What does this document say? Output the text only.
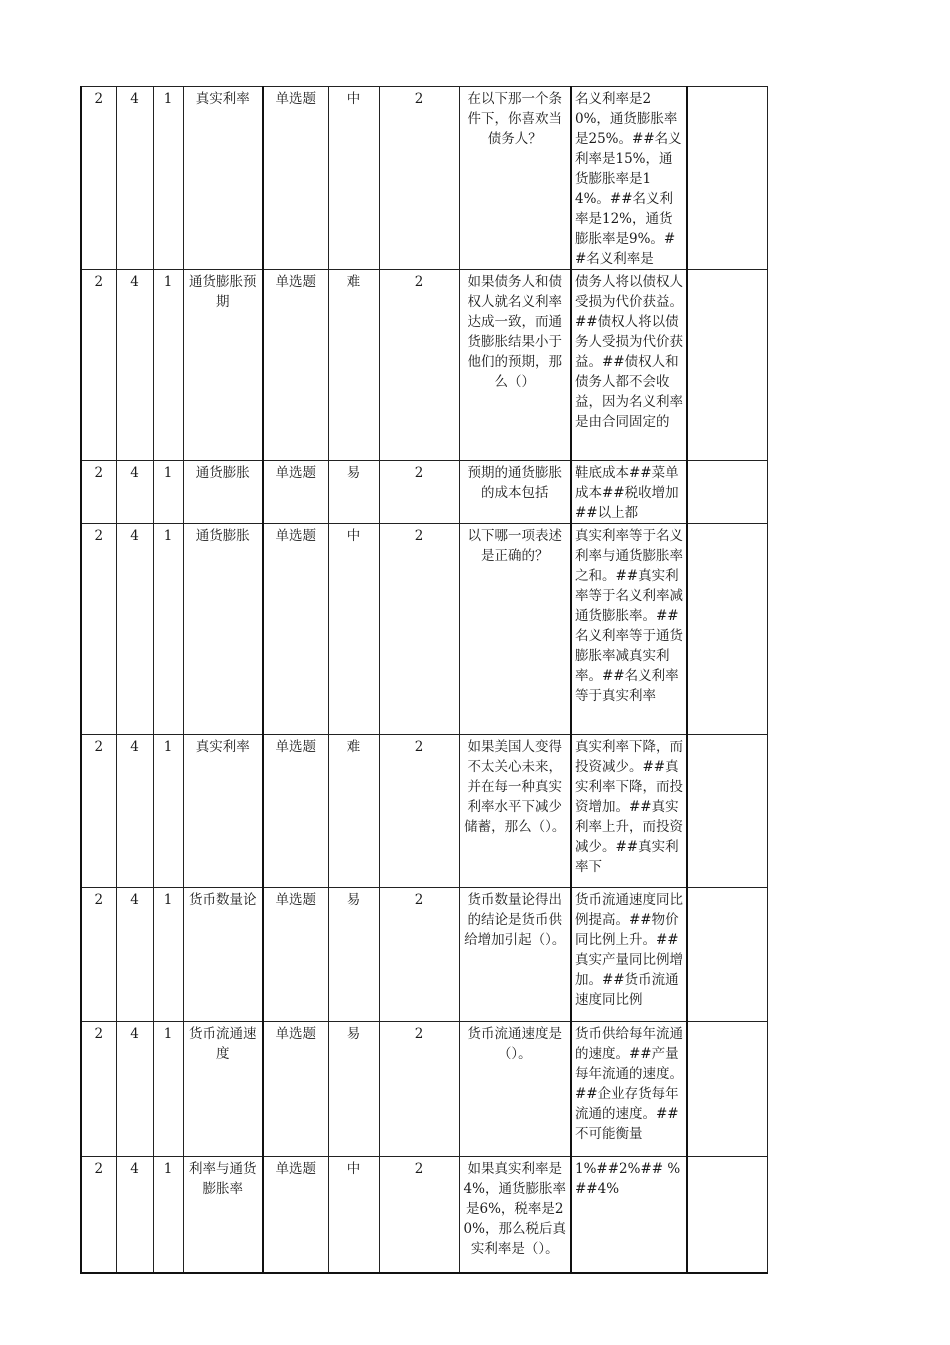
2	4	1	真实利率	单选题	中	2	在以下那一个条件下，你喜欢当债务人？	名义利率是20%，通货膨胀率是25%。##名义利率是15%，通货膨胀率是14%。##名义利率是12%，通货膨胀率是9%。##名义利率是	
2	4	1	通货膨胀预期	单选题	难	2	如果债务人和债权人就名义利率达成一致，而通货膨胀结果小于他们的预期，那么（）	债务人将以债权人受损为代价获益。##债权人将以债务人受损为代价获益。##债权人和债务人都不会收益，因为名义利率是由合同固定的	
2	4	1	通货膨胀	单选题	易	2	预期的通货膨胀的成本包括	鞋底成本##菜单成本##税收增加##以上都	
2	4	1	通货膨胀	单选题	中	2	以下哪一项表述是正确的？	真实利率等于名义利率与通货膨胀率之和。##真实利率等于名义利率减通货膨胀率。##名义利率等于通货膨胀率减真实利率。##名义利率等于真实利率	
2	4	1	真实利率	单选题	难	2	如果美国人变得不太关心未来，并在每一种真实利率水平下减少储蓄，那么（）。	真实利率下降，而投资减少。##真实利率下降，而投资增加。##真实利率上升，而投资减少。##真实利率下	
2	4	1	货币数量论	单选题	易	2	货币数量论得出的结论是货币供给增加引起（）。	货币流通速度同比例提高。##物价同比例上升。##真实产量同比例增加。##货币流通速度同比例	
2	4	1	货币流通速度	单选题	易	2	货币流通速度是（）。	货币供给每年流通的速度。##产量每年流通的速度。##企业存货每年流通的速度。##不可能衡量	
2	4	1	利率与通货膨胀率	单选题	中	2	如果真实利率是4%，通货膨胀率是6%，税率是20%，那么税后真实利率是（）。	1%##2%## %##4%	
